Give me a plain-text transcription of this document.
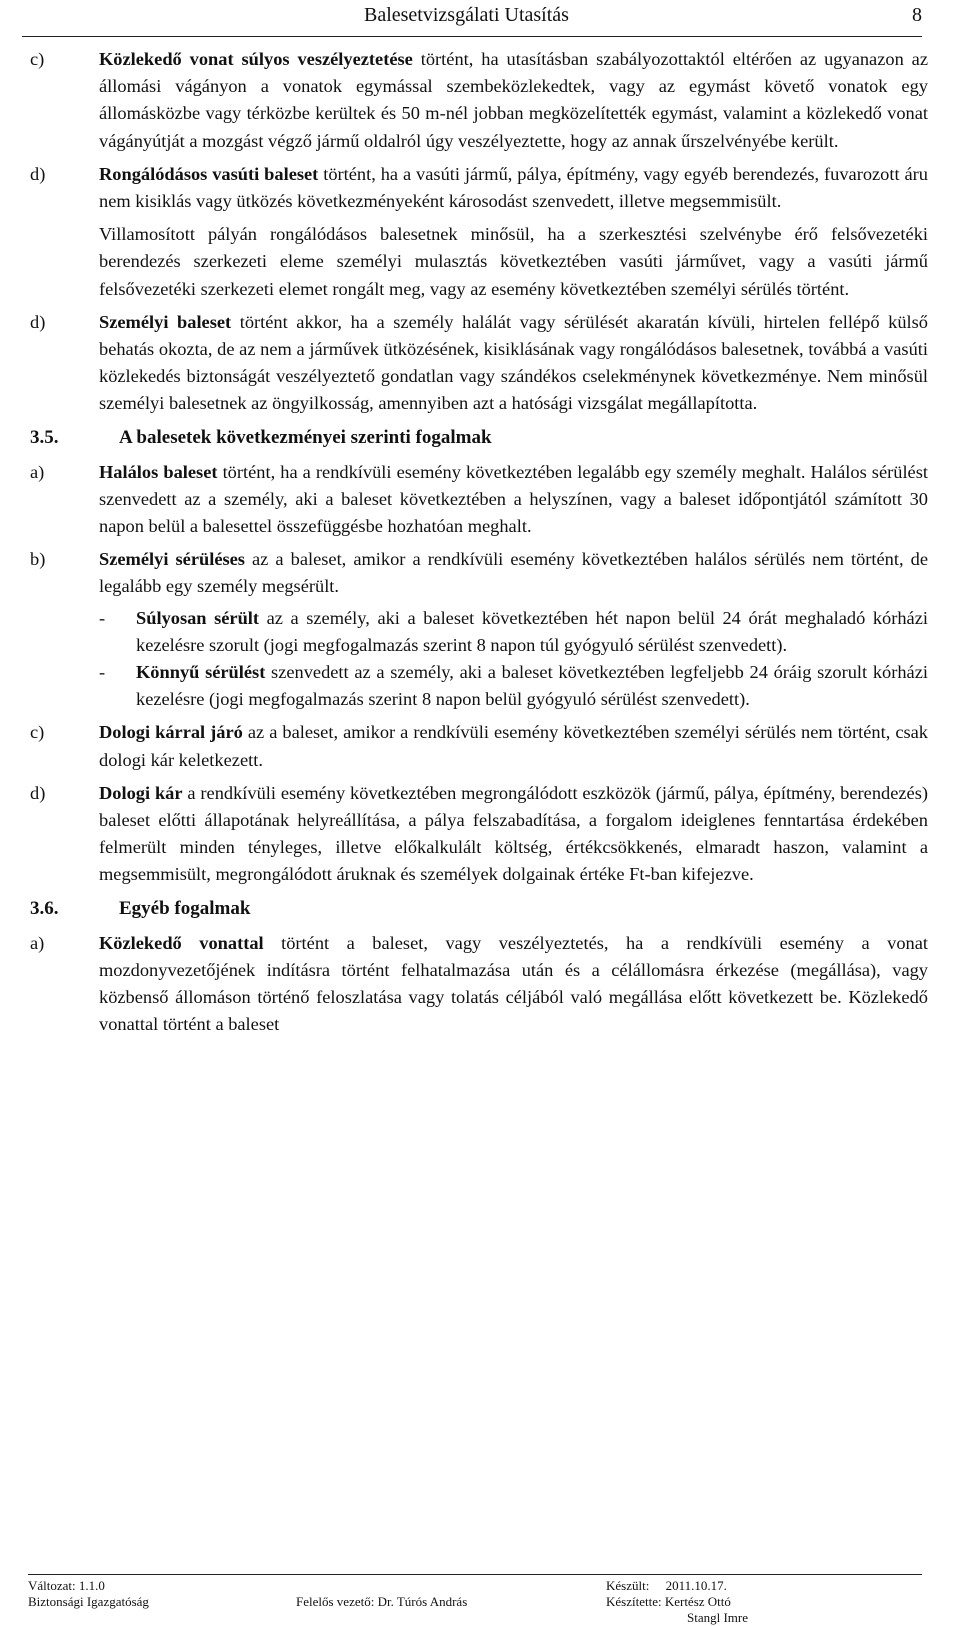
Balesetvizsgálati Utasítás	8

c)	Közlekedő vonat súlyos veszélyeztetése történt, ha utasításban szabályozottaktól eltérően az ugyanazon az állomási vágányon a vonatok egymással szembeközlekedtek, vagy az egymást követő vonatok egy állomásközbe vagy térközbe kerültek és 50 m-nél jobban megközelítették egymást, valamint a közlekedő vonat vágányútját a mozgást végző jármű oldalról úgy veszélyeztette, hogy az annak űrszelvényébe került.

d)	Rongálódásos vasúti baleset történt, ha a vasúti jármű, pálya, építmény, vagy egyéb berendezés, fuvarozott áru nem kisiklás vagy ütközés következményeként károsodást szenvedett, illetve megsemmisült.

Villamosított pályán rongálódásos balesetnek minősül, ha a szerkesztési szelvénybe érő felsővezetéki berendezés szerkezeti eleme személyi mulasztás következtében vasúti járművet, vagy a vasúti jármű felsővezetéki szerkezeti elemet rongált meg, vagy az esemény következtében személyi sérülés történt.

d)	Személyi baleset történt akkor, ha a személy halálát vagy sérülését akaratán kívüli, hirtelen fellépő külső behatás okozta, de az nem a járművek ütközésének, kisiklásának vagy rongálódásos balesetnek, továbbá a vasúti közlekedés biztonságát veszélyeztető gondatlan vagy szándékos cselekménynek következménye. Nem minősül személyi balesetnek az öngyilkosság, amennyiben azt a hatósági vizsgálat megállapította.

3.5.	A balesetek következményei szerinti fogalmak

a)	Halálos baleset történt, ha a rendkívüli esemény következtében legalább egy személy meghalt. Halálos sérülést szenvedett az a személy, aki a baleset következtében a helyszínen, vagy a baleset időpontjától számított 30 napon belül a balesettel összefüggésbe hozhatóan meghalt.

b)	Személyi sérüléses az a baleset, amikor a rendkívüli esemény következtében halálos sérülés nem történt, de legalább egy személy megsérült.

- Súlyosan sérült az a személy, aki a baleset következtében hét napon belül 24 órát meghaladó kórházi kezelésre szorult (jogi megfogalmazás szerint 8 napon túl gyógyuló sérülést szenvedett).

- Könnyű sérülést szenvedett az a személy, aki a baleset következtében legfeljebb 24 óráig szorult kórházi kezelésre (jogi megfogalmazás szerint 8 napon belül gyógyuló sérülést szenvedett).

c)	Dologi kárral járó az a baleset, amikor a rendkívüli esemény következtében személyi sérülés nem történt, csak dologi kár keletkezett.

d)	Dologi kár a rendkívüli esemény következtében megrongálódott eszközök (jármű, pálya, építmény, berendezés) baleset előtti állapotának helyreállítása, a pálya felszabadítása, a forgalom ideiglenes fenntartása érdekében felmerült minden tényleges, illetve előkalkulált költség, értékcsökkenés, elmaradt haszon, valamint a megsemmisült, megrongálódott áruknak és személyek dolgainak értéke Ft-ban kifejezve.

3.6.	Egyéb fogalmak

a)	Közlekedő vonattal történt a baleset, vagy veszélyeztetés, ha a rendkívüli esemény a vonat mozdonyvezetőjének indításra történt felhatalmazása után és a célállomásra érkezése (megállása), vagy közbenső állomáson történő feloszlatása vagy tolatás céljából való megállása előtt következett be. Közlekedő vonattal történt a baleset

Változat: 1.1.0
Biztonsági Igazgatóság	Felelős vezető: Dr. Túrós András
Készült:     2011.10.17.
Készítette: Kertész Ottó
Stangl Imre
